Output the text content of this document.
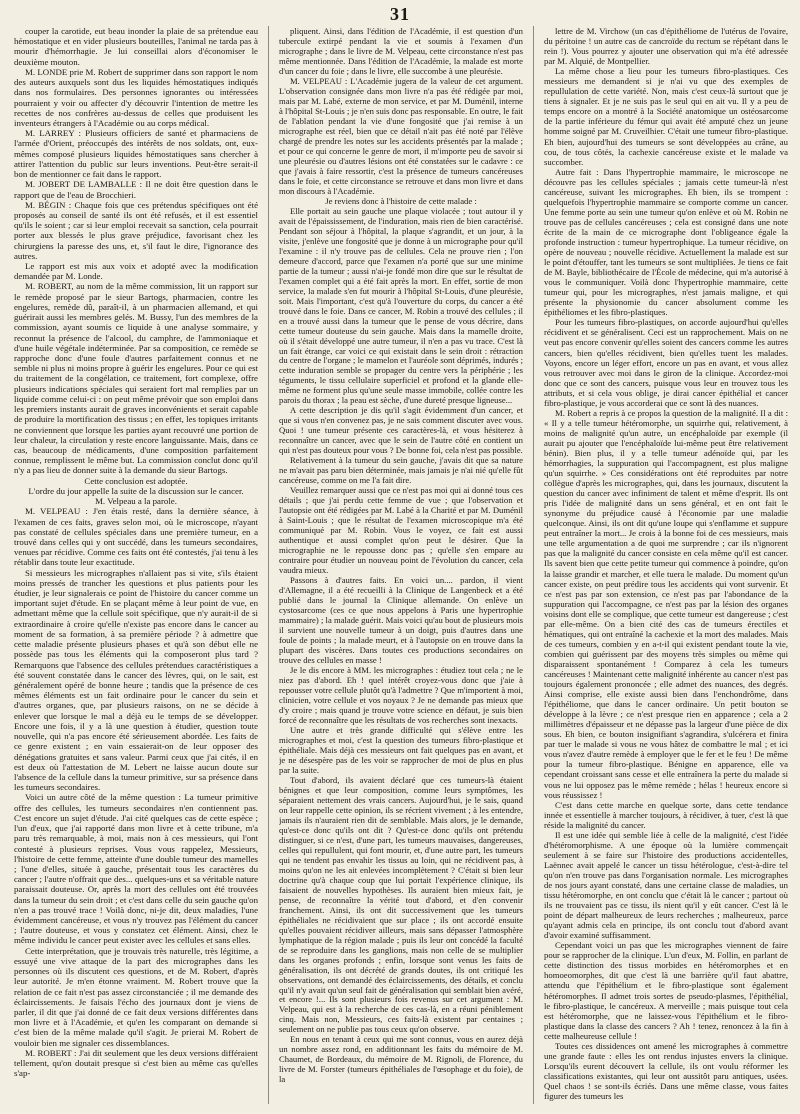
31

couper la carotide, eut beau inonder la plaie de sa prétendue eau hémostatique et en vider plusieurs bouteilles, l'animal ne tarda pas à mourir d'hémorrhagie. Je lui conseillai alors d'économiser le deuxième mouton.

M. LONDE prie M. Robert de supprimer dans son rapport le nom des auteurs auxquels sont dus les liquides hémostatiques indiqués dans nos formulaires. Des personnes ignorantes ou intéressées pourraient y voir ou affecter d'y découvrir l'intention de mettre les recettes de nos confrères au-dessus de celles que produisent les inventeurs étrangers à l'Académie ou au corps médical.

M. LARREY : Plusieurs officiers de santé et pharmaciens de l'armée d'Orient, préoccupés des intérêts de nos soldats, ont, eux-mêmes composé plusieurs liquides hémostatiques sans chercher à attirer l'attention du public sur leurs inventions. Peut-être serait-il bon de mentionner ce fait dans le rapport.

M. JOBERT DE LAMBALLE : Il ne doit être question dans le rapport que de l'eau de Brocchieri.

M. BÉGIN : Chaque fois que ces prétendus spécifiques ont été proposés au conseil de santé ils ont été refusés, et il est essentiel qu'ils le soient ; car si leur emploi recevait sa sanction, cela pourrait porter aux blessés le plus grave préjudice, favorisant chez les chirurgiens la paresse des uns, et, s'il faut le dire, l'ignorance des autres.

Le rapport est mis aux voix et adopté avec la modification demandée par M. Londe.

M. ROBERT, au nom de la même commission, lit un rapport sur le remède proposé par le sieur Bartogs, pharmacien, contre les engelures, remède dû, paraît-il, à un pharmacien allemand, et qui guérirait aussi les membres gelés. M. Bussy, l'un des membres de la commission, ayant soumis ce liquide à une analyse sommaire, y reconnut la présence de l'alcool, du camphre, de l'ammoniaque et d'une huile végétale indéterminée. Par sa composition, ce remède se rapproche donc d'une foule d'autres parfaitement connus et ne semble ni plus ni moins propre à guérir les engelures. Pour ce qui est du traitement de la congélation, ce traitement, fort complexe, offre plusieurs indications spéciales qui seraient fort mal remplies par un liquide comme celui-ci : on peut même prévoir que son emploi dans les premiers instants aurait de graves inconvénients et serait capable de produire la mortification des tissus ; en effet, les topiques irritants ne conviennent que lorsque les parties ayant recouvré une portion de leur chaleur, la circulation y reste encore languissante. Mais, dans ce cas, beaucoup de médicaments, d'une composition parfaitement connue, remplissent le même but. La commission conclut donc qu'il n'y a pas lieu de donner suite à la demande du sieur Bartogs.

Cette conclusion est adoptée.

L'ordre du jour appelle la suite de la discussion sur le cancer.

M. Velpeau a la parole.

M. VELPEAU : J'en étais resté, dans la dernière séance, à l'examen de ces faits, graves selon moi, où le microscope, n'ayant pas constaté de cellules spéciales dans une première tumeur, en a trouvé dans celles qui y ont succédé, dans les tumeurs secondaires, venues par récidive. Comme ces faits ont été contestés, j'ai tenu à les rétablir dans toute leur exactitude.

Si messieurs les micrographes n'allaient pas si vite, s'ils étaient moins pressés de trancher les questions et plus patients pour les étudier, je leur signalerais ce point de l'histoire du cancer comme un important sujet d'étude. En se plaçant même à leur point de vue, en admettant même que la cellule soit spécifique, que n'y aurait-il de si extraordinaire à croire qu'elle n'existe pas encore dans le cancer au moment de sa formation, à sa première période ? à admettre que cette maladie présente plusieurs phases et qu'à son début elle ne possède pas tous les éléments qui la composeront plus tard ? Remarquons que l'absence des cellules prétendues caractéristiques a été souvent constatée dans le cancer des lèvres, qui, on le sait, est généralement opéré de bonne heure ; tandis que la présence de ces mêmes éléments est un fait ordinaire pour le cancer du sein et d'autres organes, que, par plusieurs raisons, on ne se décide à enlever que lorsque le mal a déjà eu le temps de se développer. Encore une fois, il y a là une question à étudier, question toute nouvelle, qui n'a pas encore été sérieusement abordée. Les faits de ce genre existent ; en vain essaierait-on de leur opposer des dénégations gratuites et sans valeur. Parmi ceux que j'ai cités, il en est deux où l'attestation de M. Lebert ne laisse aucun doute sur l'absence de la cellule dans la tumeur primitive, sur sa présence dans les tumeurs secondaires.

Voici un autre côté de la même question : La tumeur primitive offre des cellules, les tumeurs secondaires n'en contiennent pas. C'est encore un sujet d'étude. J'ai cité quelques cas de cette espèce ; l'un d'eux, que j'ai rapporté dans mon livre et à cette tribune, m'a paru très remarquable, à moi, mais non à ces messieurs, qui l'ont contesté à plusieurs reprises. Vous vous rappelez, Messieurs, l'histoire de cette femme, atteinte d'une double tumeur des mamelles ; l'une d'elles, située à gauche, présentait tous les caractères du cancer ; l'autre n'offrait que des... quelques-uns et sa véritable nature paraissait douteuse. Or, après la mort des cellules ont été trouvées dans la tumeur du sein droit ; et c'est dans celle du sein gauche qu'on n'en a pas trouvé trace ! Voilà donc, ni-je dit, deux maladies, l'une évidemment cancéreuse, et vous n'y trouvez pas l'élément du cancer ; l'autre douteuse, et vous y constatez cet élément. Ainsi, chez le même individu le cancer peut exister avec les cellules et sans elles.

Cette interprétation, que je trouvais très naturelle, très légitime, a essuyé une vive attaque de la part des micrographes dans les personnes où ils discutent ces questions, et de M. Robert, d'après leur autorité. Je m'en étonne vraiment. M. Robert trouve que la relation de ce fait n'est pas assez circonstanciée ; il me demande des éclaircissements. Je faisais l'écho des journaux dont je viens de parler, il dit que j'ai donné de ce fait deux versions différentes dans mon livre et à l'Académie, et qu'en les comparant on demande si c'est bien de la même malade qu'il s'agit. Je prierai M. Robert de vouloir bien me signaler ces dissemblances.

M. ROBERT : J'ai dit seulement que les deux versions différaient tellement, qu'on doutait presque si c'est bien au même cas qu'elles s'ap-

pliquent. Ainsi, dans l'édition de l'Académie, il est question d'un tubercule extirpé pendant la vie et soumis à l'examen d'un micrographe ; dans le livre de M. Velpeau, cette circonstance n'est pas même mentionnée. Dans l'édition de l'Académie, la malade est morte d'un cancer du foie ; dans le livre, elle succombe à une pleurésie.

M. VELPEAU : L'Académie jugera de la valeur de cet argument. L'observation consignée dans mon livre n'a pas été rédigée par moi, mais par M. Labé, externe de mon service, et par M. Duménil, interne à l'hôpital St-Louis ; je n'en suis donc pas responsable. En outre, le fait de l'ablation pendant la vie d'une fongosité que j'ai remise à un micrographe est réel, bien que ce détail n'ait pas été noté par l'élève chargé de prendre les notes sur les accidents présentés par la malade ; et pour ce qui concerne le genre de mort, il m'importe peu de savoir si une pleurésie ou d'autres lésions ont été constatées sur le cadavre : ce que j'avais à faire ressortir, c'est la présence de tumeurs cancéreuses dans le foie, et cette circonstance se retrouve et dans mon livre et dans mon discours à l'Académie.

Je reviens donc à l'histoire de cette malade :

Elle portait au sein gauche une plaque violacée ; tout autour il y avait de l'épaississement, de l'induration, mais rien de bien caractérisé. Pendant son séjour à l'hôpital, la plaque s'agrandit, et un jour, à la visite, j'enlève une fongosité que je donne à un micrographe pour qu'il l'examine : il n'y trouve pas de cellules. Cela ne prouve rien ; l'on demeure d'accord, parce que l'examen n'a porté que sur une minime partie de la tumeur ; aussi n'ai-je fondé mon dire que sur le résultat de l'examen complet qui a été fait après la mort. En effet, sortie de mon service, la malade s'en fut mourir à l'hôpital St-Louis, d'une pleurésie, soit. Mais l'important, c'est qu'à l'ouverture du corps, du cancer a été trouvé dans le foie. Dans ce cancer, M. Robin a trouvé des cellules ; il en a trouvé aussi dans la tumeur que le pense de vous décrire, dans cette tumeur douteuse du sein gauche. Mais dans la mamelle droite, où il s'était développé une autre tumeur, il n'en a pas vu trace. C'est là un fait étrange, car voici ce qui existait dans le sein droit : rétraction du centre de l'organe ; le mamelon et l'auréole sont déprimés, indurés ; cette induration semble se propager du centre vers la périphérie ; les téguments, le tissu cellulaire superficiel et profond et la glande elle-même ne forment plus qu'une seule masse immobile, collée contre les parois du thorax ; la peau est sèche, d'une dureté presque ligneuse...

A cette description je dis qu'il s'agit évidemment d'un cancer, et que si vous n'en convenez pas, je ne sais comment discuter avec vous. Quoi ! une tumeur présente ces caractères-là, et vous hésiterez à reconnaître un cancer, avec que le sein de l'autre côté en contient un qui n'est pas douteux pour vous ? De bonne foi, cela n'est pas possible.

Relativement à la tumeur du sein gauche, j'avais dit que sa nature ne m'avait pas paru bien déterminée, mais jamais je n'ai nié qu'elle fût cancéreuse, comme on me l'a fait dire.

Veuillez remarquer aussi que ce n'est pas moi qui ai donné tous ces détails ; que j'ai perdu cette femme de vue ; que l'observation et l'autopsie ont été rédigées par M. Labé à la Charité et par M. Duménil à Saint-Louis ; que le résultat de l'examen microscopique m'a été communiqué par M. Robin. Vous le voyez, ce fait est aussi authentique et aussi complet qu'on peut le désirer. Que la micrographie ne le repousse donc pas ; qu'elle s'en empare au contraire pour étudier un nouveau point de l'évolution du cancer, cela vaudra mieux.

Passons à d'autres faits. En voici un.... pardon, il vient d'Allemagne, il a été recueilli à la Clinique de Langenbeck et a été publié dans le journal la Clinique allemande. On enlève un cystosarcome (ces ce que nous appelons à Paris une hypertrophie mammaire) ; la malade guérit. Mais voici qu'au bout de plusieurs mois il survient une nouvelle tumeur à un doigt, puis d'autres dans une foule de points ; la malade meurt, et à l'autopsie on en trouve dans la plupart des viscères. Dans toutes ces productions secondaires on trouve des cellules en masse !

Je le dis encore à MM. les micrographes : étudiez tout cela ; ne le niez pas d'abord. Eh ! quel intérêt croyez-vous donc que j'aie à repousser votre cellule plutôt qu'à l'admettre ? Que m'importent à moi, clinicien, votre cellule et vos noyaux ? Je ne demande pas mieux que d'y croire ; mais quand je trouve votre science en défaut, je suis bien forcé de reconnaître que les résultats de vos recherches sont inexacts.

Une autre et très grande difficulté qui s'élève entre les micrographes et moi, c'est la question des tumeurs fibro-plastique et épithéliale. Mais déjà ces messieurs ont fait quelques pas en avant, et je ne désespère pas de les voir se rapprocher de moi de plus en plus par la suite.

Tout d'abord, ils avaient déclaré que ces tumeurs-là étaient bénignes et que leur composition, comme leurs symptômes, les séparaient nettement des vrais cancers. Aujourd'hui, je le sais, quand on leur rappelle cette opinion, ils se récrient vivement ; à les entendre, jamais ils n'auraient rien dit de semblable. Mais alors, je le demande, qu'est-ce donc qu'ils ont dit ? Qu'est-ce donc qu'ils ont prétendu distinguer, si ce n'est, d'une part, les tumeurs mauvaises, dangereuses, celles qui repullulent, qui font mourir, et, d'une autre part, les tumeurs qui ne tendent pas envahir les tissus au loin, qui ne récidivent pas, à moins qu'on ne les ait enlevées incomplètement ? C'était si bien leur doctrine qu'à chaque coup que lui portait l'expérience clinique, ils faisaient de nouvelles hypothèses. Ils auraient bien mieux fait, je pense, de reconnaître la vérité tout d'abord, et d'en convenir franchement. Ainsi, ils ont dit successivement que les tumeurs épithéliales ne récidivaient que sur place ; ils ont accordé ensuite qu'elles pouvaient récidiver ailleurs, mais sans dépasser l'atmosphère lymphatique de la région malade ; puis ils leur ont concédé la faculté de se reproduire dans les ganglions, mais non celle de se multiplier dans les organes profonds ; enfin, lorsque sont venus les faits de généralisation, ils ont décrété de grands doutes, ils ont critiqué les observations, ont demandé des éclaircissements, des détails, et conclu qu'il n'y avait qu'un seul fait de généralisation qui semblait bien avéré, et encore !... Ils sont plusieurs fois revenus sur cet argument : M. Velpeau, qui est à la recherche de ces cas-là, en a réuni péniblement cinq. Mais non, Messieurs, ces faits-là existent par centaines ; seulement on ne publie pas tous ceux qu'on observe.

En nous en tenant à ceux qui me sont connus, vous en aurez déjà un nombre assez rond, en additionnant les faits du mémoire de M. Chaumet, de Bordeaux, du mémoire de M. Rignoli, de Florence, du livre de M. Forster (tumeurs épithéliales de l'œsophage et du foie), de la

lettre de M. Virchow (un cas d'épithéliome de l'utérus de l'ovaire, du péritoine ! un autre cas de cancroïde du rectum se répétant dans le rein !). Vous pourrez y ajouter une observation qui m'a été adressée par M. Alquié, de Montpellier.

La même chose a lieu pour les tumeurs fibro-plastiques. Ces messieurs me demandent si je n'ai vu que des exemples de repullulation de cette variété. Non, mais c'est ceux-là surtout que je tiens à signaler. Et je ne suis pas le seul qui en ait vu. Il y a peu de temps encore on a montré à la Société anatomique un ostéosarcome de la partie inférieure du fémur qui avait été amputé chez un jeune homme soigné par M. Cruveilhier. C'était une tumeur fibro-plastique. Eh bien, aujourd'hui des tumeurs se sont développées au crâne, au cou, de tous côtés, la cachexie cancéreuse existe et le malade va succomber.

Autre fait : Dans l'hypertrophie mammaire, le microscope ne découvre pas les cellules spéciales ; jamais cette tumeur-là n'est cancéreuse, suivant les micrographes. Eh bien, ils se trompent : quelquefois l'hypertrophie mammaire se comporte comme un cancer. Une femme porte au sein une tumeur qu'on enlève et où M. Robin ne trouve pas de cellules cancéreuses ; cela est consigné dans une note écrite de la main de ce micrographe dont l'obligeance égale la profonde instruction : tumeur hypertrophique. La tumeur récidive, on opère de nouveau ; nouvelle récidive. Actuellement la malade est sur le point d'étouffer, tant les tumeurs se sont multipliées. Je tiens ce fait de M. Bayle, bibliothécaire de l'École de médecine, qui m'a autorisé à vous le communiquer. Voilà donc l'hypertrophie mammaire, cette tumeur qui, pour les micrographes, n'est jamais maligne, et qui présente la physionomie du cancer absolument comme les épithéliomes et les fibro-plastiques.

Pour les tumeurs fibro-plastiques, on accorde aujourd'hui qu'elles récidivent et se généralisent. Ceci est un rapprochement. Mais on ne veut pas encore convenir qu'elles soient des cancers comme les autres cancers, bien qu'elles récidivent, bien qu'elles tuent les malades. Voyons, encore un léger effort, encore un pas en avant, et vous allez vous retrouver avec moi dans le giron de la clinique. Accordez-moi donc que ce sont des cancers, puisque vous leur en trouvez tous les attributs, et si cela vous oblige, je dirai cancer épithélial et cancer fibro-plastique, je vous accorderai que ce sont là des nuances.

M. Robert a repris à ce propos la question de la malignité. Il a dit : « Il y a telle tumeur hétéromorphe, un squirrhe qui, relativement, à moins de malignité qu'un autre, un encéphaloïde par exemple (il aurait pu ajouter que l'encéphaloïde lui-même peut être relativement bénin). Bien plus, il y a telle tumeur adénoïde qui, par les hémorrhagies, la suppuration qui l'accompagnent, est plus maligne qu'un squirrhe. » Ces considérations ont été reproduites par notre collègue d'après les micrographes, qui, dans les journaux, discutent la question du cancer avec infiniment de talent et même d'esprit. Ils ont pris l'idée de malignité dans un sens général, et en ont fait le synonyme du préjudice causé à l'économie par une maladie quelconque. Ainsi, ils ont dit qu'une loupe qui s'enflamme et suppure peut entraîner la mort... Je crois à la bonne foi de ces messieurs, mais une telle argumentation a de quoi me surprendre ; car ils n'ignorent pas que la malignité du cancer consiste en cela même qu'il est cancer. Ils savent bien que cette petite tumeur qui commence à poindre, qu'on la laisse grandir et marcher, et elle tuera le malade. Du moment qu'un cancer existe, on peut prédire tous les accidents qui vont survenir. Et ce n'est pas par son extension, ce n'est pas par l'abondance de la suppuration qui l'accompagne, ce n'est pas par la lésion des organes voisins dont elle se complique, que cette tumeur est dangereuse ; c'est par elle-même. On a bien cité des cas de tumeurs érectiles et hématiques, qui ont entraîné la cachexie et la mort des malades. Mais de ces tumeurs, combien y en a-t-il qui existent pendant toute la vie, combien qui guérissent par des moyens très simples ou même qui disparaissent spontanément ! Comparez à cela les tumeurs cancéreuses ! Maintenant cette malignité inhérente au cancer n'est pas toujours également prononcée ; elle admet des nuances, des degrés. Ainsi comprise, elle existe aussi bien dans l'enchondrôme, dans l'épithéliome, que dans le cancer ordinaire. Un petit bouton se développe à la lèvre ; ce n'est presque rien en apparence ; cela a 2 millimètres d'épaisseur et ne dépasse pas la largeur d'une pièce de dix sous. Eh bien, ce bouton insignifiant s'agrandira, s'ulcérera et finira par tuer le malade si vous ne vous hâtez de combattre le mal ; et ici vous n'avez d'autre remède à employer que le fer et le feu ! De même pour la tumeur fibro-plastique. Bénigne en apparence, elle va cependant croissant sans cesse et elle entraînera la perte du malade si vous ne lui opposez pas le même remède ; hélas ! heureux encore si vous réussissez !

C'est dans cette marche en quelque sorte, dans cette tendance innée et essentielle à marcher toujours, à récidiver, à tuer, c'est là que réside la malignité du cancer.

Il est une idée qui semble liée à celle de la malignité, c'est l'idée d'hétéromorphisme. A une époque où la lumière commençait seulement à se faire sur l'histoire des productions accidentelles, Laënnec avait appelé le cancer un tissu hétérologue, c'est-à-dire tel qu'on n'en trouve pas dans l'organisation normale. Les micrographes de nos jours ayant constaté, dans une certaine classe de maladies, un tissu hétéromorphe, en ont conclu que c'était là le cancer ; partout où ils ne trouvaient pas ce tissu, ils nient qu'il y eût cancer. C'est là le point de départ malheureux de leurs recherches ; malheureux, parce qu'ayant admis cela en principe, ils ont conclu tout d'abord avant d'avoir examiné suffisamment.

Cependant voici un pas que les micrographes viennent de faire pour se rapprocher de la clinique. L'un d'eux, M. Follin, en parlant de cette distinction des tissus morbides en hétéromorphes et en homoeomorphes, dit que c'est là une barrière qu'il faut abattre, attendu que l'épithélium et le fibro-plastique sont également hétéromorphes. Il admet trois sortes de pseudo-plasmes, l'épithélial, le fibro-plastique, le cancéreux. A merveille ; mais puisque tout cela est hétéromorphe, que ne laissez-vous l'épithélium et le fibro-plastique dans la classe des cancers ? Ah ! tenez, renoncez à la fin à cette malheureuse cellule !

Toutes ces dissidences ont amené les micrographes à commettre une grande faute : elles les ont rendus injustes envers la clinique. Lorsqu'ils eurent découvert la cellule, ils ont voulu réformer les classifications existantes, qui leur ont aussitôt paru antiques, usées. Quel chaos ! se sont-ils écriés. Dans une même classe, vous faites figurer des tumeurs les
